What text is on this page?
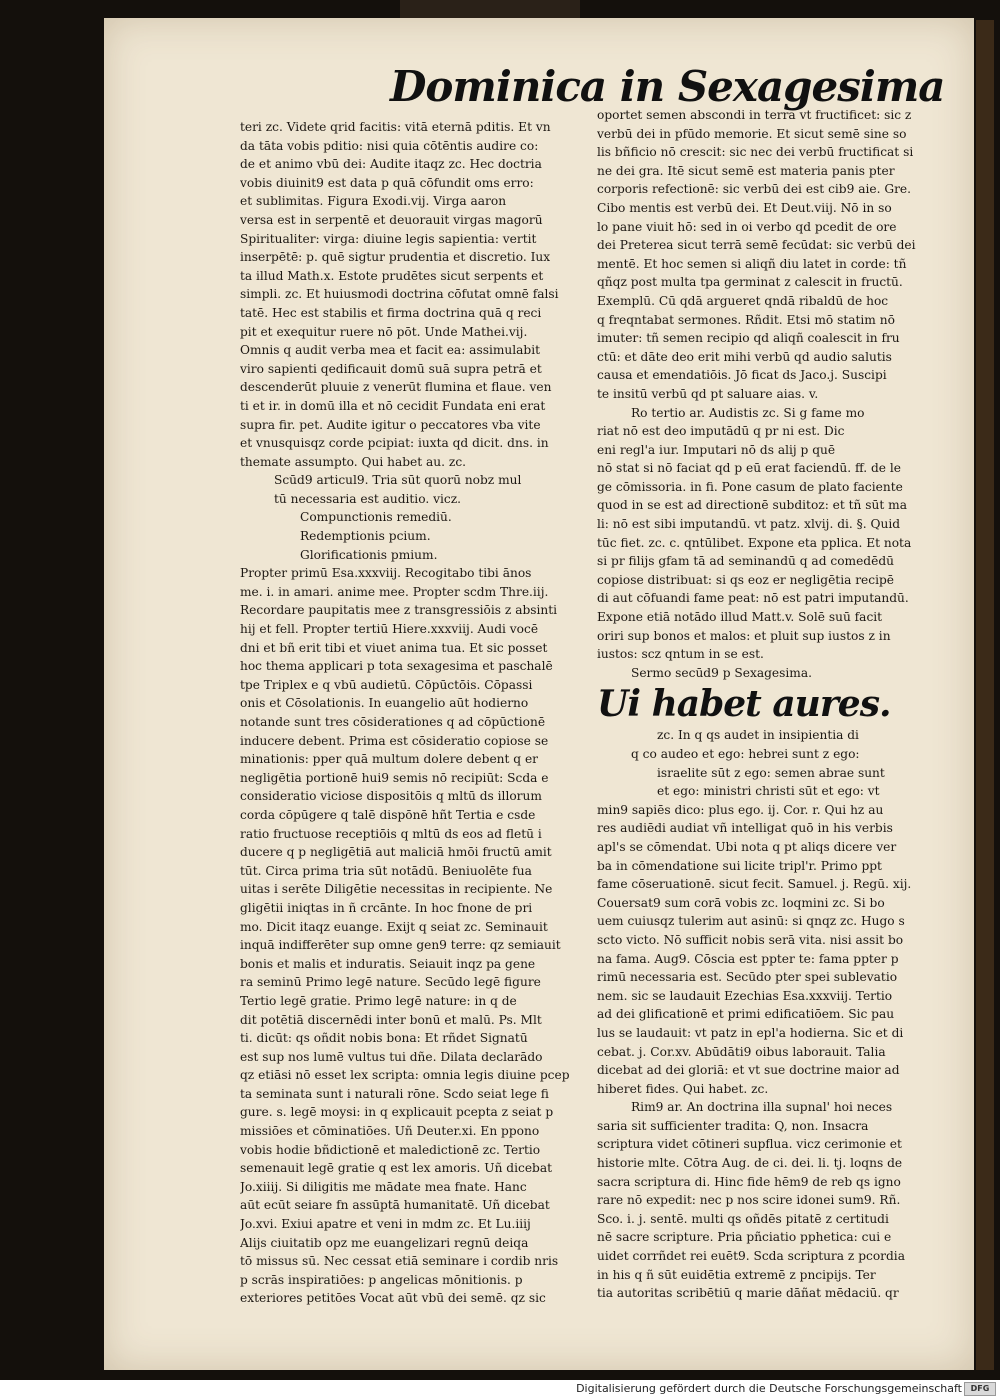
Dominica in Sexagesima
teri zc. Videte qrid facitis: vitā eternā pditis. Et vn
da tāta vobis pditio: nisi quia cōtēntis audire co:
de et animo vbū dei: Audite itaqz zc. Hec doctria
vobis diuinit9 est data p quā cōfundit oms erro:
et sublimitas. Figura Exodi.vij. Virga aaron
versa est in serpentē et deuorauit virgas magorū
Spiritualiter: virga: diuine legis sapientia: vertit
inserpētē: p. quē sigtur prudentia et discretio. Iux
ta illud Math.x. Estote prudētes sicut serpents et
simpli. zc. Et huiusmodi doctrina cōfutat omnē falsi
tatē. Hec est stabilis et firma doctrina quā q reci
pit et exequitur ruere nō pōt. Unde Mathei.vij.
Omnis q audit verba mea et facit ea: assimulabit
viro sapienti qedificauit domū suā supra petrā et
descenderūt pluuie z venerūt flumina et flaue. ven
ti et ir. in domū illa et nō cecidit Fundata eni erat
supra fir. pet. Audite igitur o peccatores vba vite
et vnusquisqz corde pcipiat: iuxta qd dicit. dns. in
themate assumpto. Qui habet au. zc.
Scūd9 articul9. Tria sūt quorū nobz mul
tū necessaria est auditio. vicz.
Compunctionis remediū.
Redemptionis pcium.
Glorificationis pmium.
Propter primū Esa.xxxviij. Recogitabo tibi ānos
me. i. in amari. anime mee. Propter scdm Thre.iij.
Recordare paupitatis mee z transgressiōis z absinti
hij et fell. Propter tertiū Hiere.xxxviij. Audi vocē
dni et bñ erit tibi et viuet anima tua. Et sic posset
hoc thema applicari p tota sexagesima et paschalē
tpe Triplex e q vbū audietū. Cōpūctōis. Cōpassi
onis et Cōsolationis. In euangelio aūt hodierno
notande sunt tres cōsiderationes q ad cōpūctionē
inducere debent. Prima est cōsideratio copiose se
minationis: pper quā multum dolere debent q er
negligētia portionē hui9 semis nō recipiūt: Scda e
consideratio viciose dispositōis q mltū ds illorum
corda cōpūgere q talē dispōnē hñt Tertia e csde
ratio fructuose receptiōis q mltū ds eos ad fletū i
ducere q p negligētiā aut maliciā hmōi fructū amit
tūt. Circa prima tria sūt notādū. Beniuolēte fua
uitas i serēte Diligētie necessitas in recipiente. Ne
gligētii iniqtas in ñ crcānte. In hoc fnone de pri
mo. Dicit itaqz euange. Exijt q seiat zc. Seminauit
inquā indifferēter sup omne gen9 terre: qz semiauit
bonis et malis et induratis. Seiauit inqz pa gene
ra seminū Primo legē nature. Secūdo legē figure
Tertio legē gratie. Primo legē nature: in q de
dit potētiā discernēdi inter bonū et malū. Ps. Mlt
ti. dicūt: qs oñdit nobis bona: Et rñdet Signatū
est sup nos lumē vultus tui dñe. Dilata declarādo
qz etiāsi nō esset lex scripta: omnia legis diuine pcep
ta seminata sunt i naturali rōne. Scdo seiat lege fi
gure. s. legē moysi: in q explicauit pcepta z seiat p
missiōes et cōminatiōes. Uñ Deuter.xi. En ppono
vobis hodie bñdictionē et maledictionē zc. Tertio
semenauit legē gratie q est lex amoris. Uñ dicebat
Jo.xiiij. Si diligitis me mādate mea fnate. Hanc
aūt ecūt seiare fn assūptā humanitatē. Uñ dicebat
Jo.xvi. Exiui apatre et veni in mdm zc. Et Lu.iiij
Alijs ciuitatib opz me euangelizari regnū deiqa
tō missus sū. Nec cessat etiā seminare i cordib nris
p scrās inspiratiōes: p angelicas mōnitionis. p
exteriores petitōes Vocat aūt vbū dei semē. qz sic
oportet semen abscondi in terra vt fructificet: sic z
verbū dei in pfūdo memorie. Et sicut semē sine so
lis bñficio nō crescit: sic nec dei verbū fructificat si
ne dei gra. Itē sicut semē est materia panis pter
corporis refectionē: sic verbū dei est cib9 aie. Gre.
Cibo mentis est verbū dei. Et Deut.viij. Nō in so
lo pane viuit hō: sed in oi verbo qd pcedit de ore
dei Preterea sicut terrā semē fecūdat: sic verbū dei
mentē. Et hoc semen si aliqñ diu latet in corde: tñ
qñqz post multa tpa germinat z calescit in fructū.
Exemplū. Cū qdā argueret qndā ribaldū de hoc
q freqntabat sermones. Rñdit. Etsi mō statim nō
imuter: tñ semen recipio qd aliqñ coalescit in fru
ctū: et dāte deo erit mihi verbū qd audio salutis
causa et emendatiōis. Jō ficat ds Jaco.j. Suscipi
te insitū verbū qd pt saluare aias. v.
Ro tertio ar. Audistis zc. Si g fame mo
riat nō est deo imputādū q pr ni est. Dic
eni regl'a iur. Imputari nō ds alij p quē
nō stat si nō faciat qd p eū erat faciendū. ff. de le
ge cōmissoria. in fi. Pone casum de plato faciente
quod in se est ad directionē subditoz: et tñ sūt ma
li: nō est sibi imputandū. vt patz. xlvij. di. §. Quid
tūc fiet. zc. c. qntūlibet. Expone eta pplica. Et nota
si pr filijs gfam tā ad seminandū q ad comedēdū
copiose distribuat: si qs eoz er negligētia recipē
di aut cōfuandi fame peat: nō est patri imputandū.
Expone etiā notādo illud Matt.v. Solē suū facit
oriri sup bonos et malos: et pluit sup iustos z in
iustos: scz qntum in se est.
Sermo secūd9 p Sexagesima.
Ui habet aures.
zc. In q qs audet in insipientia di
q co audeo et ego: hebrei sunt z ego:
israelite sūt z ego: semen abrae sunt
et ego: ministri christi sūt et ego: vt
min9 sapiēs dico: plus ego. ij. Cor. r. Qui hz au
res audiēdi audiat vñ intelligat quō in his verbis
apl's se cōmendat. Ubi nota q pt aliqs dicere ver
ba in cōmendatione sui licite tripl'r. Primo ppt
fame cōseruationē. sicut fecit. Samuel. j. Regū. xij.
Couersat9 sum corā vobis zc. loqmini zc. Si bo
uem cuiusqz tulerim aut asinū: si qnqz zc. Hugo s
scto victo. Nō sufficit nobis serā vita. nisi assit bo
na fama. Aug9. Cōscia est ppter te: fama ppter p
rimū necessaria est. Secūdo pter spei sublevatio
nem. sic se laudauit Ezechias Esa.xxxviij. Tertio
ad dei glificationē et primi edificatiōem. Sic pau
lus se laudauit: vt patz in epl'a hodierna. Sic et di
cebat. j. Cor.xv. Abūdāti9 oibus laborauit. Talia
dicebat ad dei gloriā: et vt sue doctrine maior ad
hiberet fides. Qui habet. zc.
Rim9 ar. An doctrina illa supnal' hoi neces
saria sit sufficienter tradita: Q, non. Insacra
scriptura videt cōtineri supflua. vicz cerimonie et
historie mlte. Cōtra Aug. de ci. dei. li. tj. loqns de
sacra scriptura di. Hinc fide hēm9 de reb qs igno
rare nō expedit: nec p nos scire idonei sum9. Rñ.
Sco. i. j. sentē. multi qs oñdēs pitatē z certitudi
nē sacre scripture. Pria pñciatio pphetica: cui e
uidet corrñdet rei euēt9. Scda scriptura z pcordia
in his q ñ sūt euidētia extremē z pncipijs. Ter
tia autoritas scribētiū q marie dāñat mēdaciū. qr
Digitalisierung gefördert durch die Deutsche Forschungsgemeinschaft	DFG
